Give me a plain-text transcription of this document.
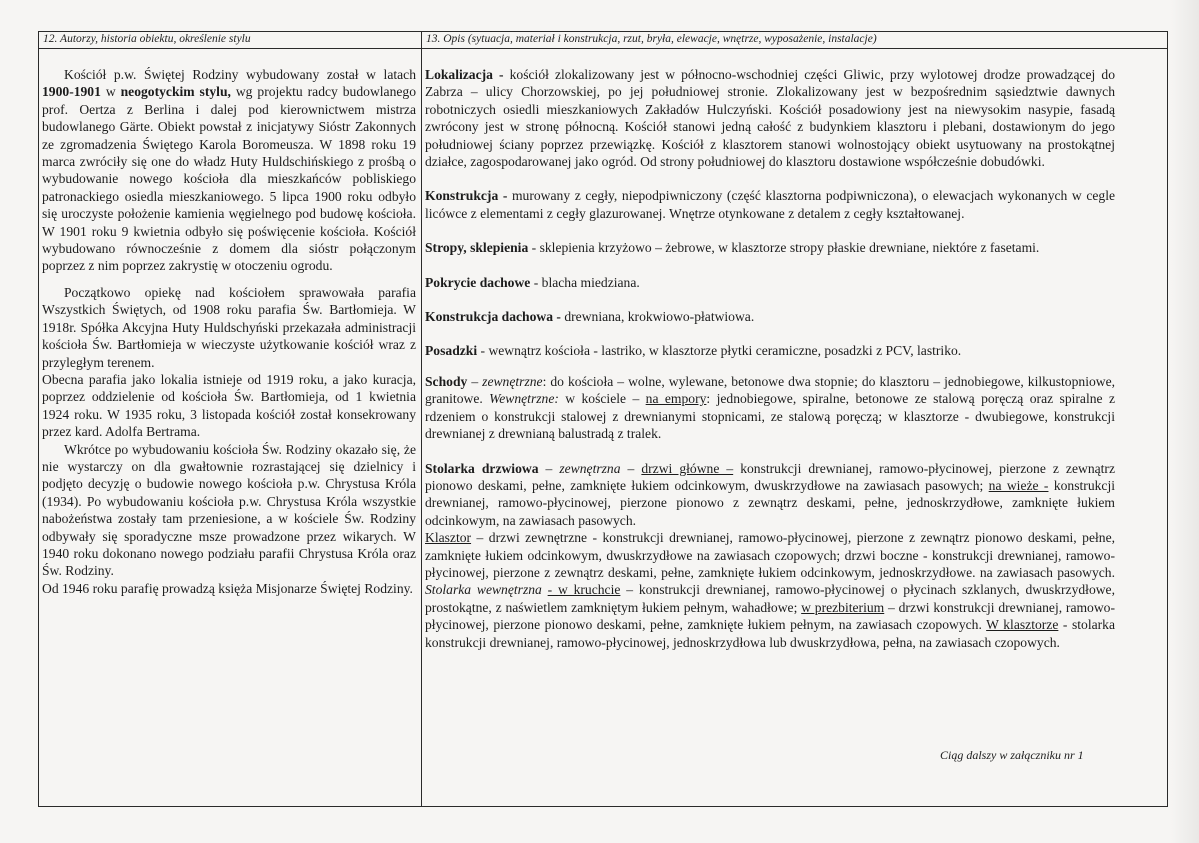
12. Autorzy, historia obiektu, określenie stylu	13. Opis (sytuacja, materiał i konstrukcja, rzut, bryła, elewacje, wnętrze, wyposażenie, instalacje)

Kościół p.w. Świętej Rodziny wybudowany został w latach 1900-1901 w neogotyckim stylu, wg projektu radcy budowlanego prof. Oertza z Berlina i dalej pod kierownictwem mistrza budowlanego Gärte. Obiekt powstał z inicjatywy Sióstr Zakonnych ze zgromadzenia Świętego Karola Boromeusza. W 1898 roku 19 marca zwróciły się one do władz Huty Huldschińskiego z prośbą o wybudowanie nowego kościoła dla mieszkańców pobliskiego patronackiego osiedla mieszkaniowego. 5 lipca 1900 roku odbyło się uroczyste położenie kamienia węgielnego pod budowę kościoła. W 1901 roku 9 kwietnia odbyło się poświęcenie kościoła. Kościół wybudowano równocześnie z domem dla sióstr połączonym poprzez z nim poprzez zakrystię w otoczeniu ogrodu.

Początkowo opiekę nad kościołem sprawowała parafia Wszystkich Świętych, od 1908 roku parafia Św. Bartłomieja. W 1918r. Spółka Akcyjna Huty Huldschyński przekazała administracji kościoła Św. Bartłomieja w wieczyste użytkowanie kościół wraz z przyległym terenem.

Obecna parafia jako lokalia istnieje od 1919 roku, a jako kuracja, poprzez oddzielenie od kościoła Św. Bartłomieja, od 1 kwietnia 1924 roku. W 1935 roku, 3 listopada kościół został konsekrowany przez kard. Adolfa Bertrama.

Wkrótce po wybudowaniu kościoła Św. Rodziny okazało się, że nie wystarczy on dla gwałtownie rozrastającej się dzielnicy i podjęto decyzję o budowie nowego kościoła p.w. Chrystusa Króla (1934). Po wybudowaniu kościoła p.w. Chrystusa Króla wszystkie nabożeństwa zostały tam przeniesione, a w kościele Św. Rodziny odbywały się sporadyczne msze prowadzone przez wikarych. W 1940 roku dokonano nowego podziału parafii Chrystusa Króla oraz Św. Rodziny.

Od 1946 roku parafię prowadzą księża Misjonarze Świętej Rodziny.

Lokalizacja - kościół zlokalizowany jest w północno-wschodniej części Gliwic, przy wylotowej drodze prowadzącej do Zabrza – ulicy Chorzowskiej, po jej południowej stronie. Zlokalizowany jest w bezpośrednim sąsiedztwie dawnych robotniczych osiedli mieszkaniowych Zakładów Hulczyński. Kościół posadowiony jest na niewysokim nasypie, fasadą zwrócony jest w stronę północną. Kościół stanowi jedną całość z budynkiem klasztoru i plebani, dostawionym do jego południowej ściany poprzez przewiązkę. Kościół z klasztorem stanowi wolnostojący obiekt usytuowany na prostokątnej działce, zagospodarowanej jako ogród. Od strony południowej do klasztoru dostawione współcześnie dobudówki.

Konstrukcja - murowany z cegły, niepodpiwniczony (część klasztorna podpiwniczona), o elewacjach wykonanych w cegle licówce z elementami z cegły glazurowanej. Wnętrze otynkowane z detalem z cegły kształtowanej.

Stropy, sklepienia - sklepienia krzyżowo – żebrowe, w klasztorze stropy płaskie drewniane, niektóre z fasetami.

Pokrycie dachowe - blacha miedziana.

Konstrukcja dachowa - drewniana, krokwiowo-płatwiowa.

Posadzki - wewnątrz kościoła - lastriko, w klasztorze płytki ceramiczne, posadzki z PCV, lastriko.

Schody – zewnętrzne: do kościoła – wolne, wylewane, betonowe dwa stopnie; do klasztoru – jednobiegowe, kilkustopniowe, granitowe. Wewnętrzne: w kościele – na empory: jednobiegowe, spiralne, betonowe ze stalową poręczą oraz spiralne z rdzeniem o konstrukcji stalowej z drewnianymi stopnicami, ze stalową poręczą; w klasztorze - dwubiegowe, konstrukcji drewnianej z drewnianą balustradą z tralek.

Stolarka drzwiowa – zewnętrzna – drzwi główne – konstrukcji drewnianej, ramowo-płycinowej, pierzone z zewnątrz pionowo deskami, pełne, zamknięte łukiem odcinkowym, dwuskrzydłowe na zawiasach pasowych; na wieże - konstrukcji drewnianej, ramowo-płycinowej, pierzone pionowo z zewnątrz deskami, pełne, jednoskrzydłowe, zamknięte łukiem odcinkowym, na zawiasach pasowych.
Klasztor – drzwi zewnętrzne - konstrukcji drewnianej, ramowo-płycinowej, pierzone z zewnątrz pionowo deskami, pełne, zamknięte łukiem odcinkowym, dwuskrzydłowe na zawiasach czopowych; drzwi boczne - konstrukcji drewnianej, ramowo-płycinowej, pierzone z zewnątrz deskami, pełne, zamknięte łukiem odcinkowym, jednoskrzydłowe. na zawiasach pasowych. Stolarka wewnętrzna - w kruchcie – konstrukcji drewnianej, ramowo-płycinowej o płycinach szklanych, dwuskrzydłowe, prostokątne, z naświetlem zamkniętym łukiem pełnym, wahadłowe; w prezbiterium – drzwi konstrukcji drewnianej, ramowo-płycinowej, pierzone pionowo deskami, pełne, zamknięte łukiem pełnym, na zawiasach czopowych. W klasztorze - stolarka konstrukcji drewnianej, ramowo-płycinowej, jednoskrzydłowa lub dwuskrzydłowa, pełna, na zawiasach czopowych.

Ciąg dalszy w załączniku nr 1
